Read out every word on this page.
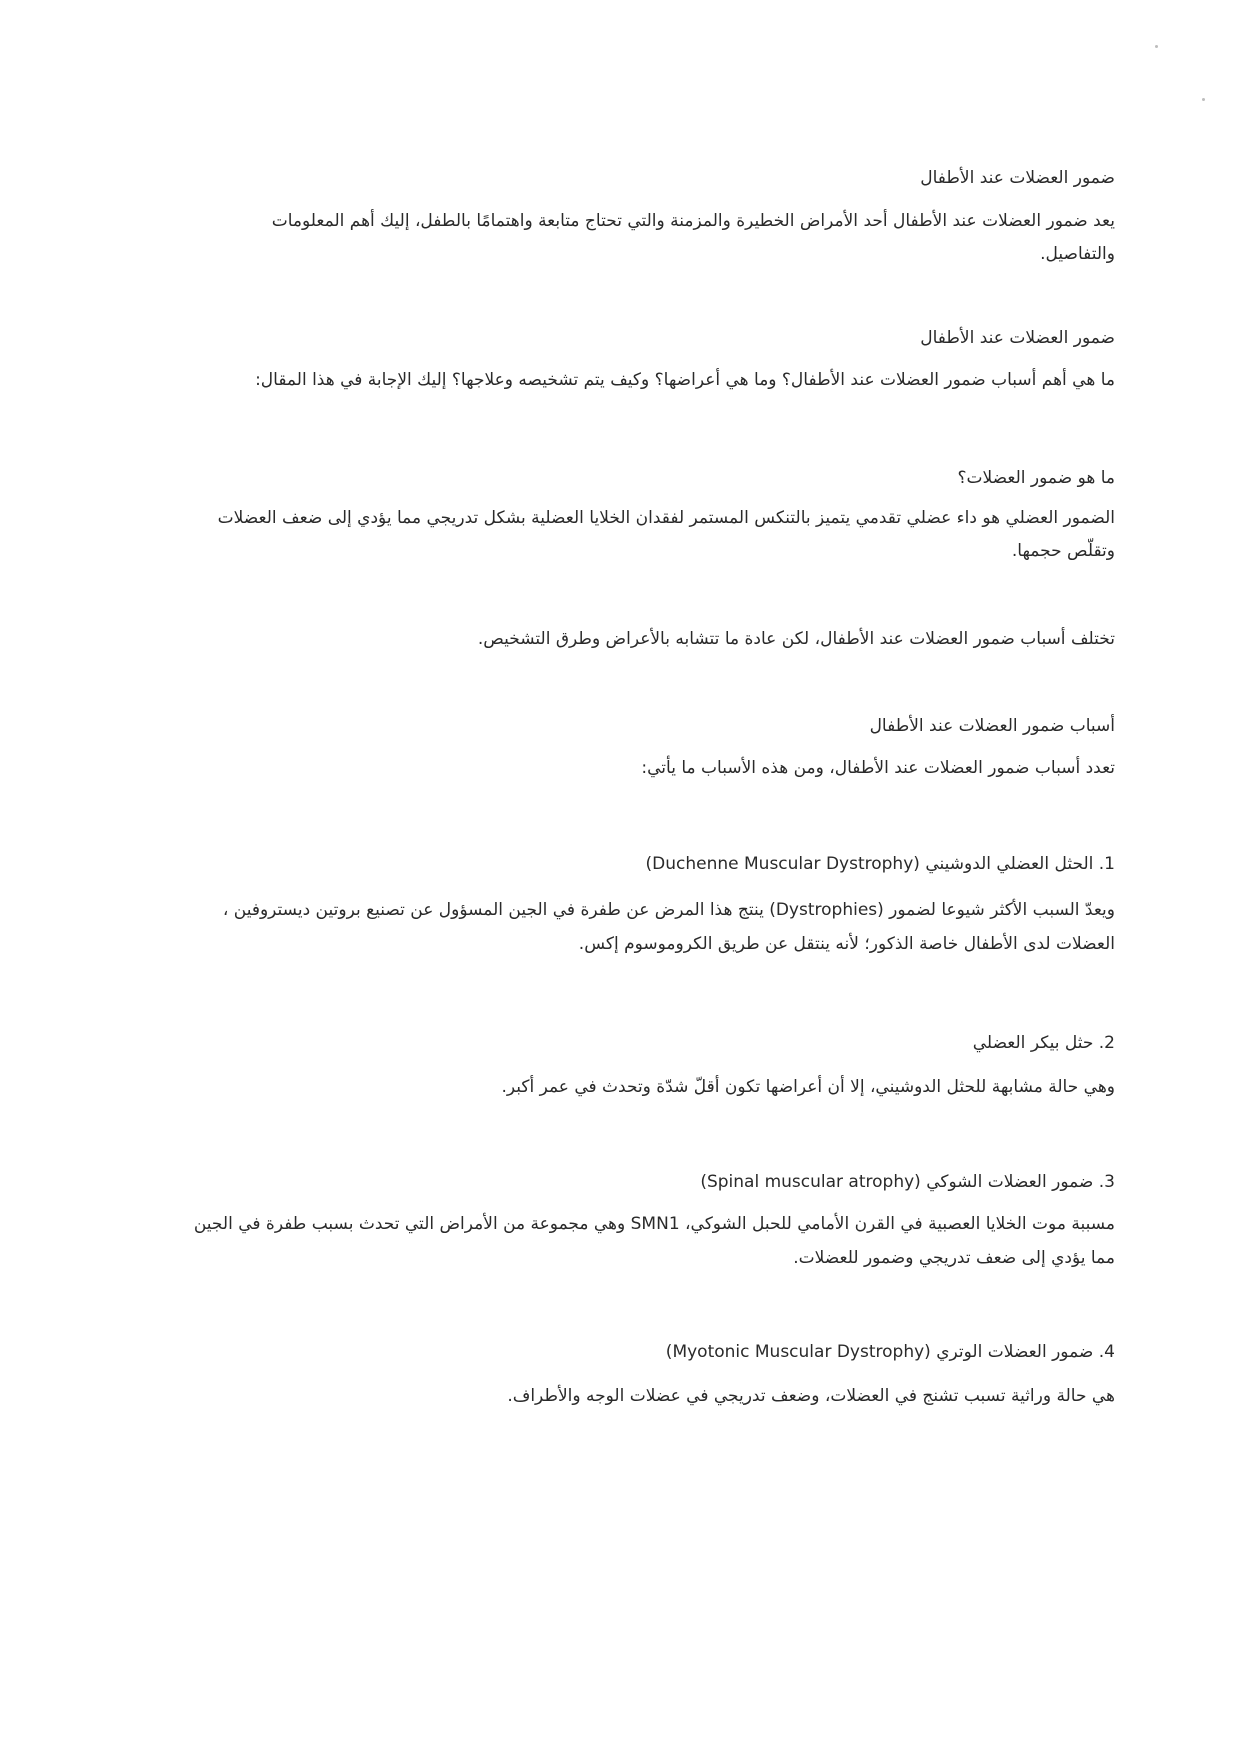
ضمور العضلات عند الأطفال
يعد ضمور العضلات عند الأطفال أحد الأمراض الخطيرة والمزمنة والتي تحتاج متابعة واهتمامًا بالطفل، إليك أهم المعلومات
والتفاصيل.
ضمور العضلات عند الأطفال
ما هي أهم أسباب ضمور العضلات عند الأطفال؟ وما هي أعراضها؟ وكيف يتم تشخيصه وعلاجها؟ إليك الإجابة في هذا المقال:
ما هو ضمور العضلات؟
الضمور العضلي هو داء عضلي تقدمي يتميز بالتنكس المستمر لفقدان الخلايا العضلية بشكل تدريجي مما يؤدي إلى ضعف العضلات
وتقلّص حجمها.
تختلف أسباب ضمور العضلات عند الأطفال، لكن عادة ما تتشابه بالأعراض وطرق التشخيص.
أسباب ضمور العضلات عند الأطفال
تعدد أسباب ضمور العضلات عند الأطفال، ومن هذه الأسباب ما يأتي:
1. الحثل العضلي الدوشيني (Duchenne Muscular Dystrophy)
ويعدّ السبب الأكثر شيوعا لضمور (Dystrophies) ينتج هذا المرض عن طفرة في الجين المسؤول عن تصنيع بروتين ديستروفين ،
العضلات لدى الأطفال خاصة الذكور؛ لأنه ينتقل عن طريق الكروموسوم إكس.
2. حثل بيكر العضلي
وهي حالة مشابهة للحثل الدوشيني، إلا أن أعراضها تكون أقلّ شدّة وتحدث في عمر أكبر.
3. ضمور العضلات الشوكي (Spinal muscular atrophy)
مسببة موت الخلايا العصبية في القرن الأمامي للحبل الشوكي، SMN1 وهي مجموعة من الأمراض التي تحدث بسبب طفرة في الجين
مما يؤدي إلى ضعف تدريجي وضمور للعضلات.
4. ضمور العضلات الوتري (Myotonic Muscular Dystrophy)
هي حالة وراثية تسبب تشنج في العضلات، وضعف تدريجي في عضلات الوجه والأطراف.
